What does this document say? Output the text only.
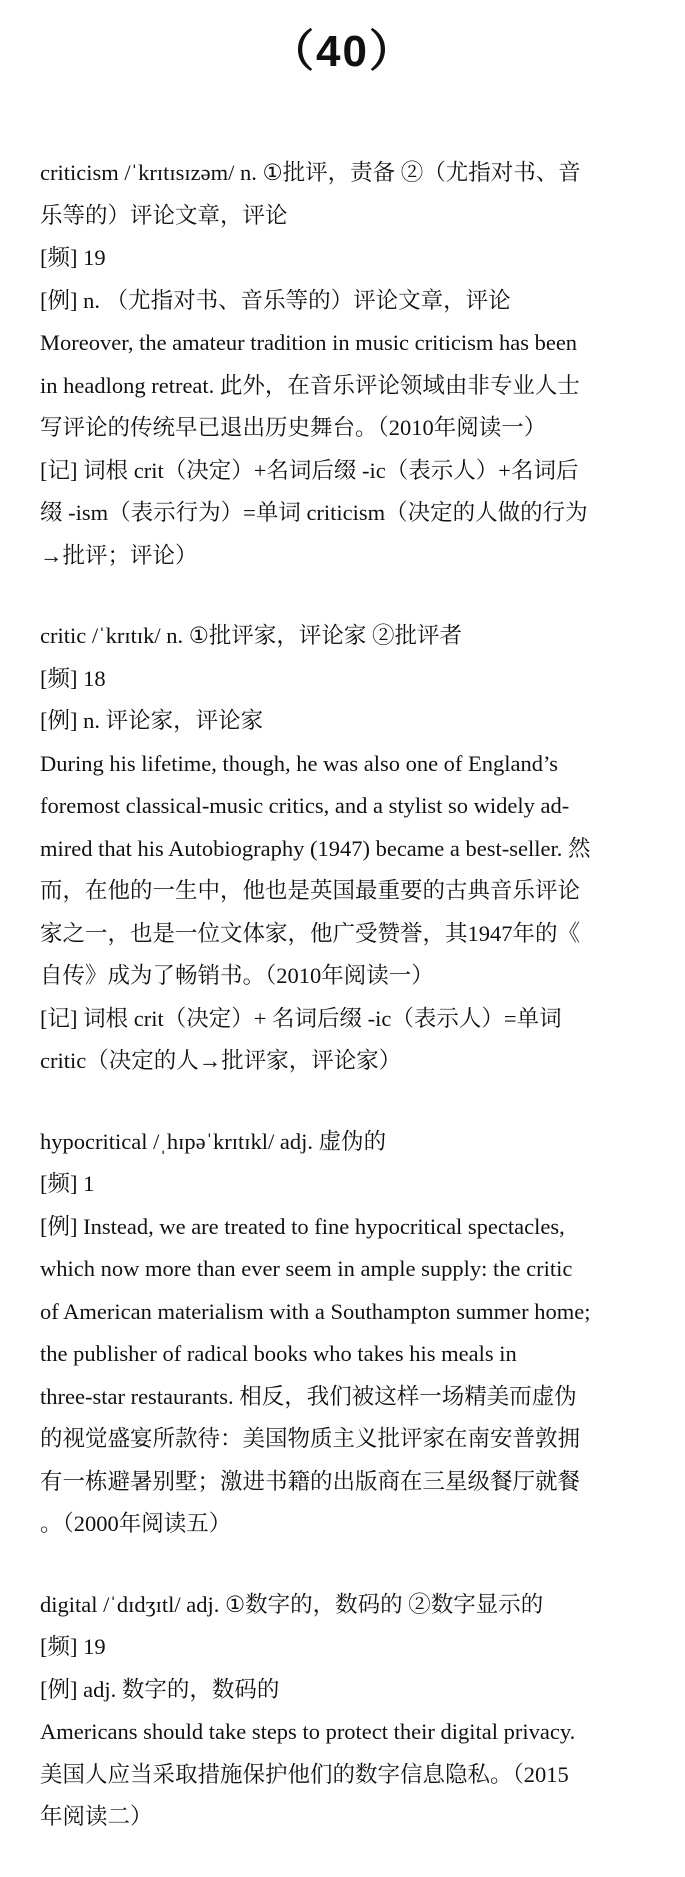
（40）
criticism /ˈkrɪtɪsɪzəm/ n. ①批评，责备 ②（尤指对书、音
乐等的）评论文章，评论
[频] 19
[例] n. （尤指对书、音乐等的）评论文章，评论
Moreover, the amateur tradition in music criticism has been
in headlong retreat. 此外，在音乐评论领域由非专业人士
写评论的传统早已退出历史舞台。（2010年阅读一）
[记] 词根 crit（决定）+名词后缀 -ic（表示人）+名词后
缀 -ism（表示行为）=单词 criticism（决定的人做的行为
→批评；评论）
critic /ˈkrɪtɪk/ n. ①批评家，评论家 ②批评者
[频] 18
[例] n. 评论家，评论家
During his lifetime, though, he was also one of England’s
foremost classical-music critics, and a stylist so widely ad-
mired that his Autobiography (1947) became a best-seller. 然
而，在他的一生中，他也是英国最重要的古典音乐评论
家之一，也是一位文体家，他广受赞誉，其1947年的《
自传》成为了畅销书。（2010年阅读一）
[记] 词根 crit（决定）+ 名词后缀 -ic（表示人）=单词
critic（决定的人→批评家，评论家）
hypocritical /ˌhɪpəˈkrɪtɪkl/ adj. 虚伪的
[频] 1
[例] Instead, we are treated to fine hypocritical spectacles,
which now more than ever seem in ample supply: the critic
of American materialism with a Southampton summer home;
the publisher of radical books who takes his meals in
three-star restaurants. 相反，我们被这样一场精美而虚伪
的视觉盛宴所款待：美国物质主义批评家在南安普敦拥
有一栋避暑别墅；激进书籍的出版商在三星级餐厅就餐
。（2000年阅读五）
digital /ˈdɪdʒɪtl/ adj. ①数字的，数码的 ②数字显示的
[频] 19
[例] adj. 数字的，数码的
Americans should take steps to protect their digital privacy.
美国人应当采取措施保护他们的数字信息隐私。（2015
年阅读二）
